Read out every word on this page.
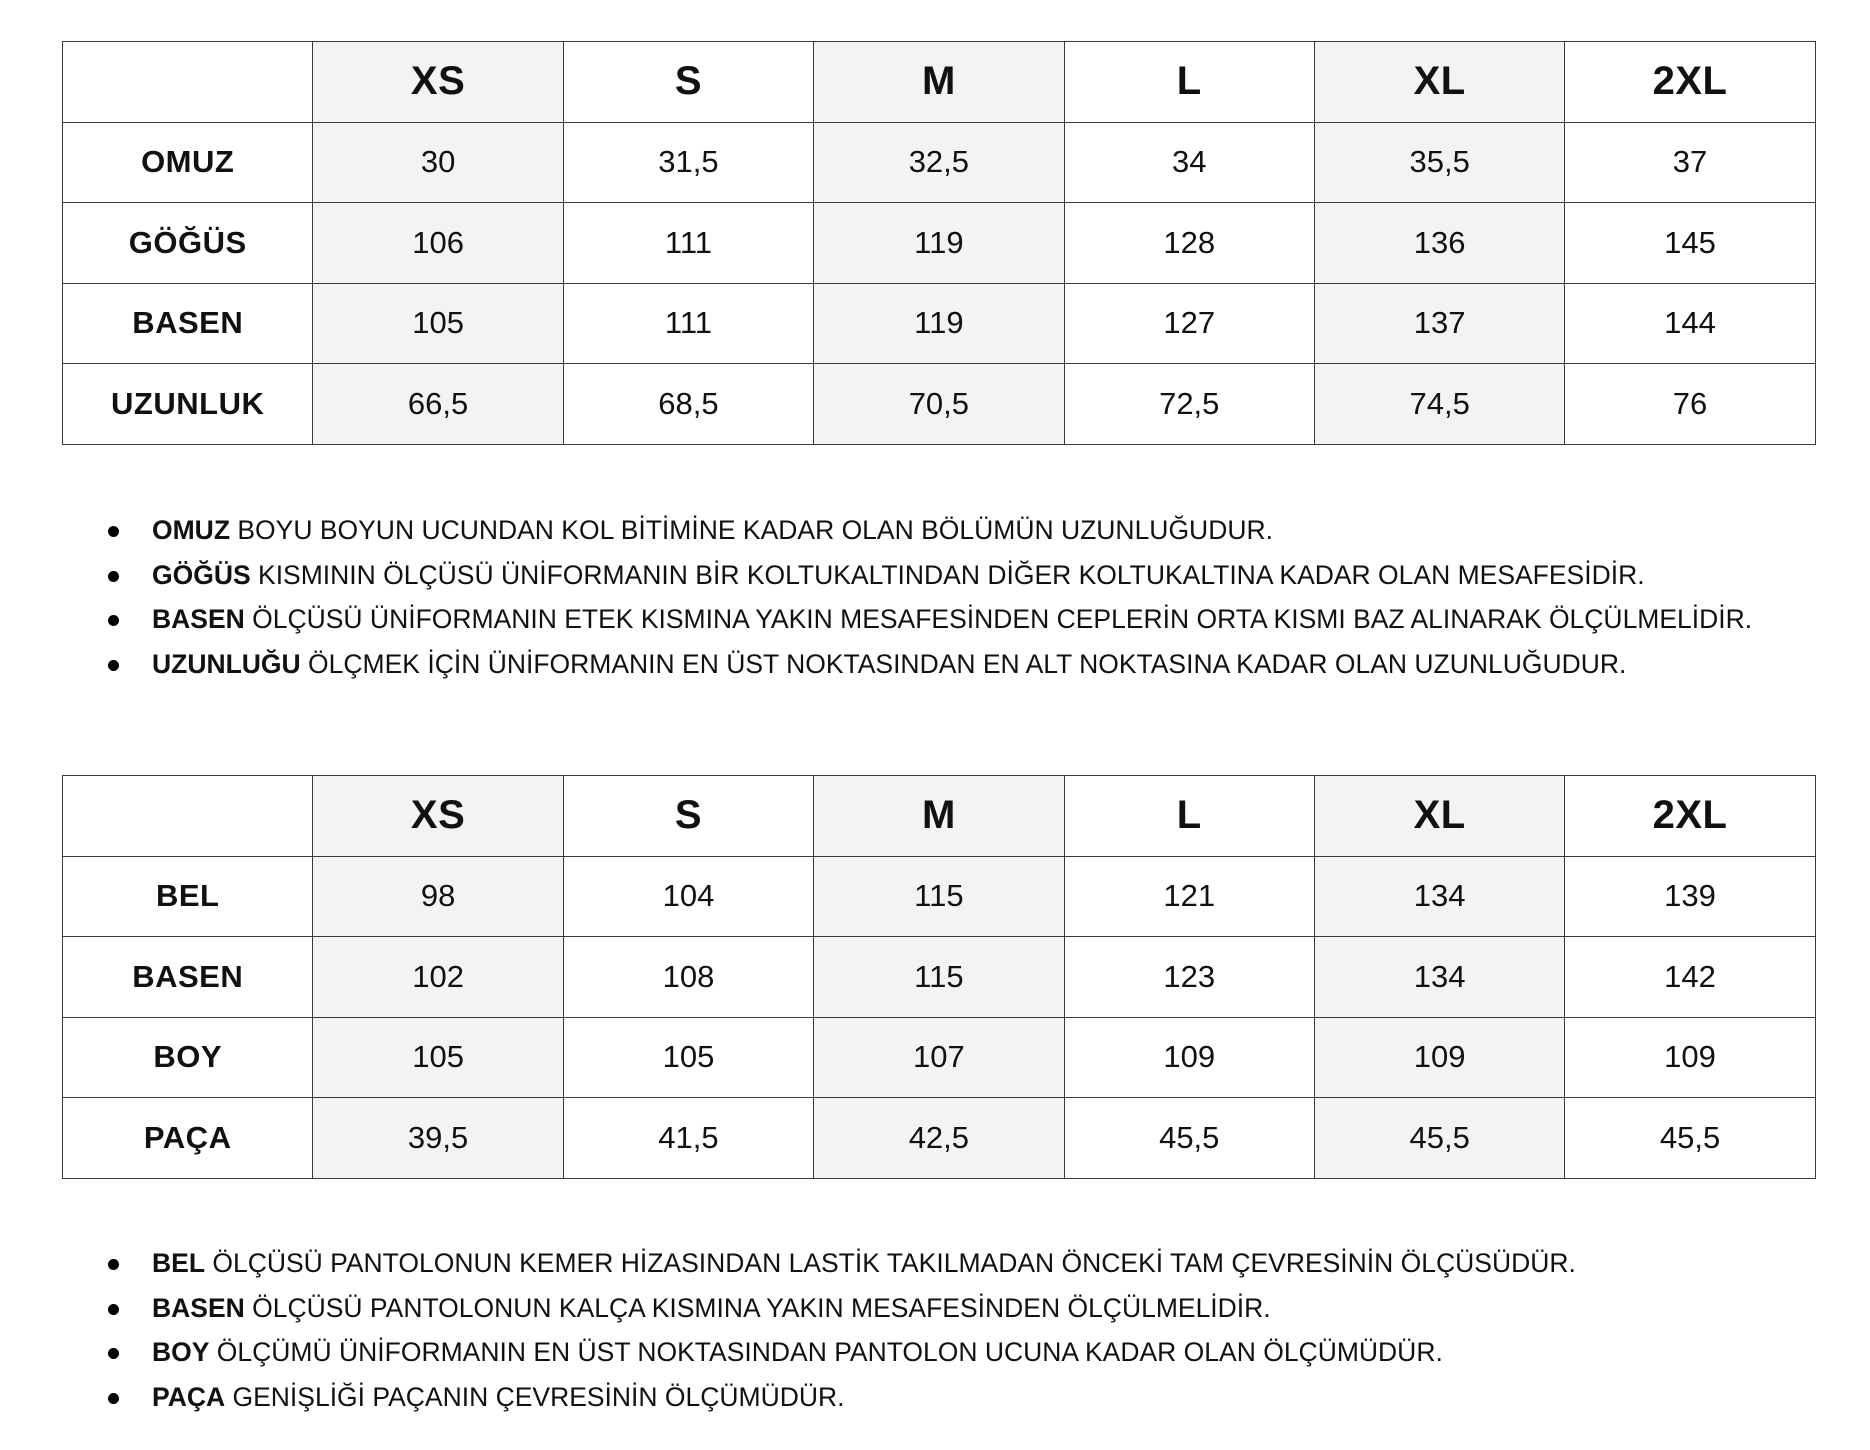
	XS	S	M	L	XL	2XL
OMUZ	30	31,5	32,5	34	35,5	37
GÖĞÜS	106	111	119	128	136	145
BASEN	105	111	119	127	137	144
UZUNLUK	66,5	68,5	70,5	72,5	74,5	76
OMUZ BOYU BOYUN UCUNDAN KOL BİTİMİNE KADAR OLAN BÖLÜMÜN UZUNLUĞUDUR.
GÖĞÜS KISMININ ÖLÇÜSÜ ÜNİFORMANIN BİR KOLTUKALTINDAN DİĞER KOLTUKALTINA KADAR OLAN MESAFESİDİR.
BASEN ÖLÇÜSÜ ÜNİFORMANIN ETEK KISMINA YAKIN MESAFESİNDEN CEPLERİN ORTA KISMI BAZ ALINARAK ÖLÇÜLMELİDİR.
UZUNLUĞU ÖLÇMEK İÇİN ÜNİFORMANIN EN ÜST NOKTASINDAN EN ALT NOKTASINA KADAR OLAN UZUNLUĞUDUR.
	XS	S	M	L	XL	2XL
BEL	98	104	115	121	134	139
BASEN	102	108	115	123	134	142
BOY	105	105	107	109	109	109
PAÇA	39,5	41,5	42,5	45,5	45,5	45,5
BEL ÖLÇÜSÜ PANTOLONUN KEMER HİZASINDAN LASTİK TAKILMADAN ÖNCEKİ TAM ÇEVRESİNİN ÖLÇÜSÜDÜR.
BASEN ÖLÇÜSÜ PANTOLONUN KALÇA KISMINA YAKIN MESAFESİNDEN ÖLÇÜLMELİDİR.
BOY ÖLÇÜMÜ ÜNİFORMANIN EN ÜST NOKTASINDAN PANTOLON UCUNA KADAR OLAN ÖLÇÜMÜDÜR.
PAÇA GENİŞLİĞİ PAÇANIN ÇEVRESİNİN ÖLÇÜMÜDÜR.
